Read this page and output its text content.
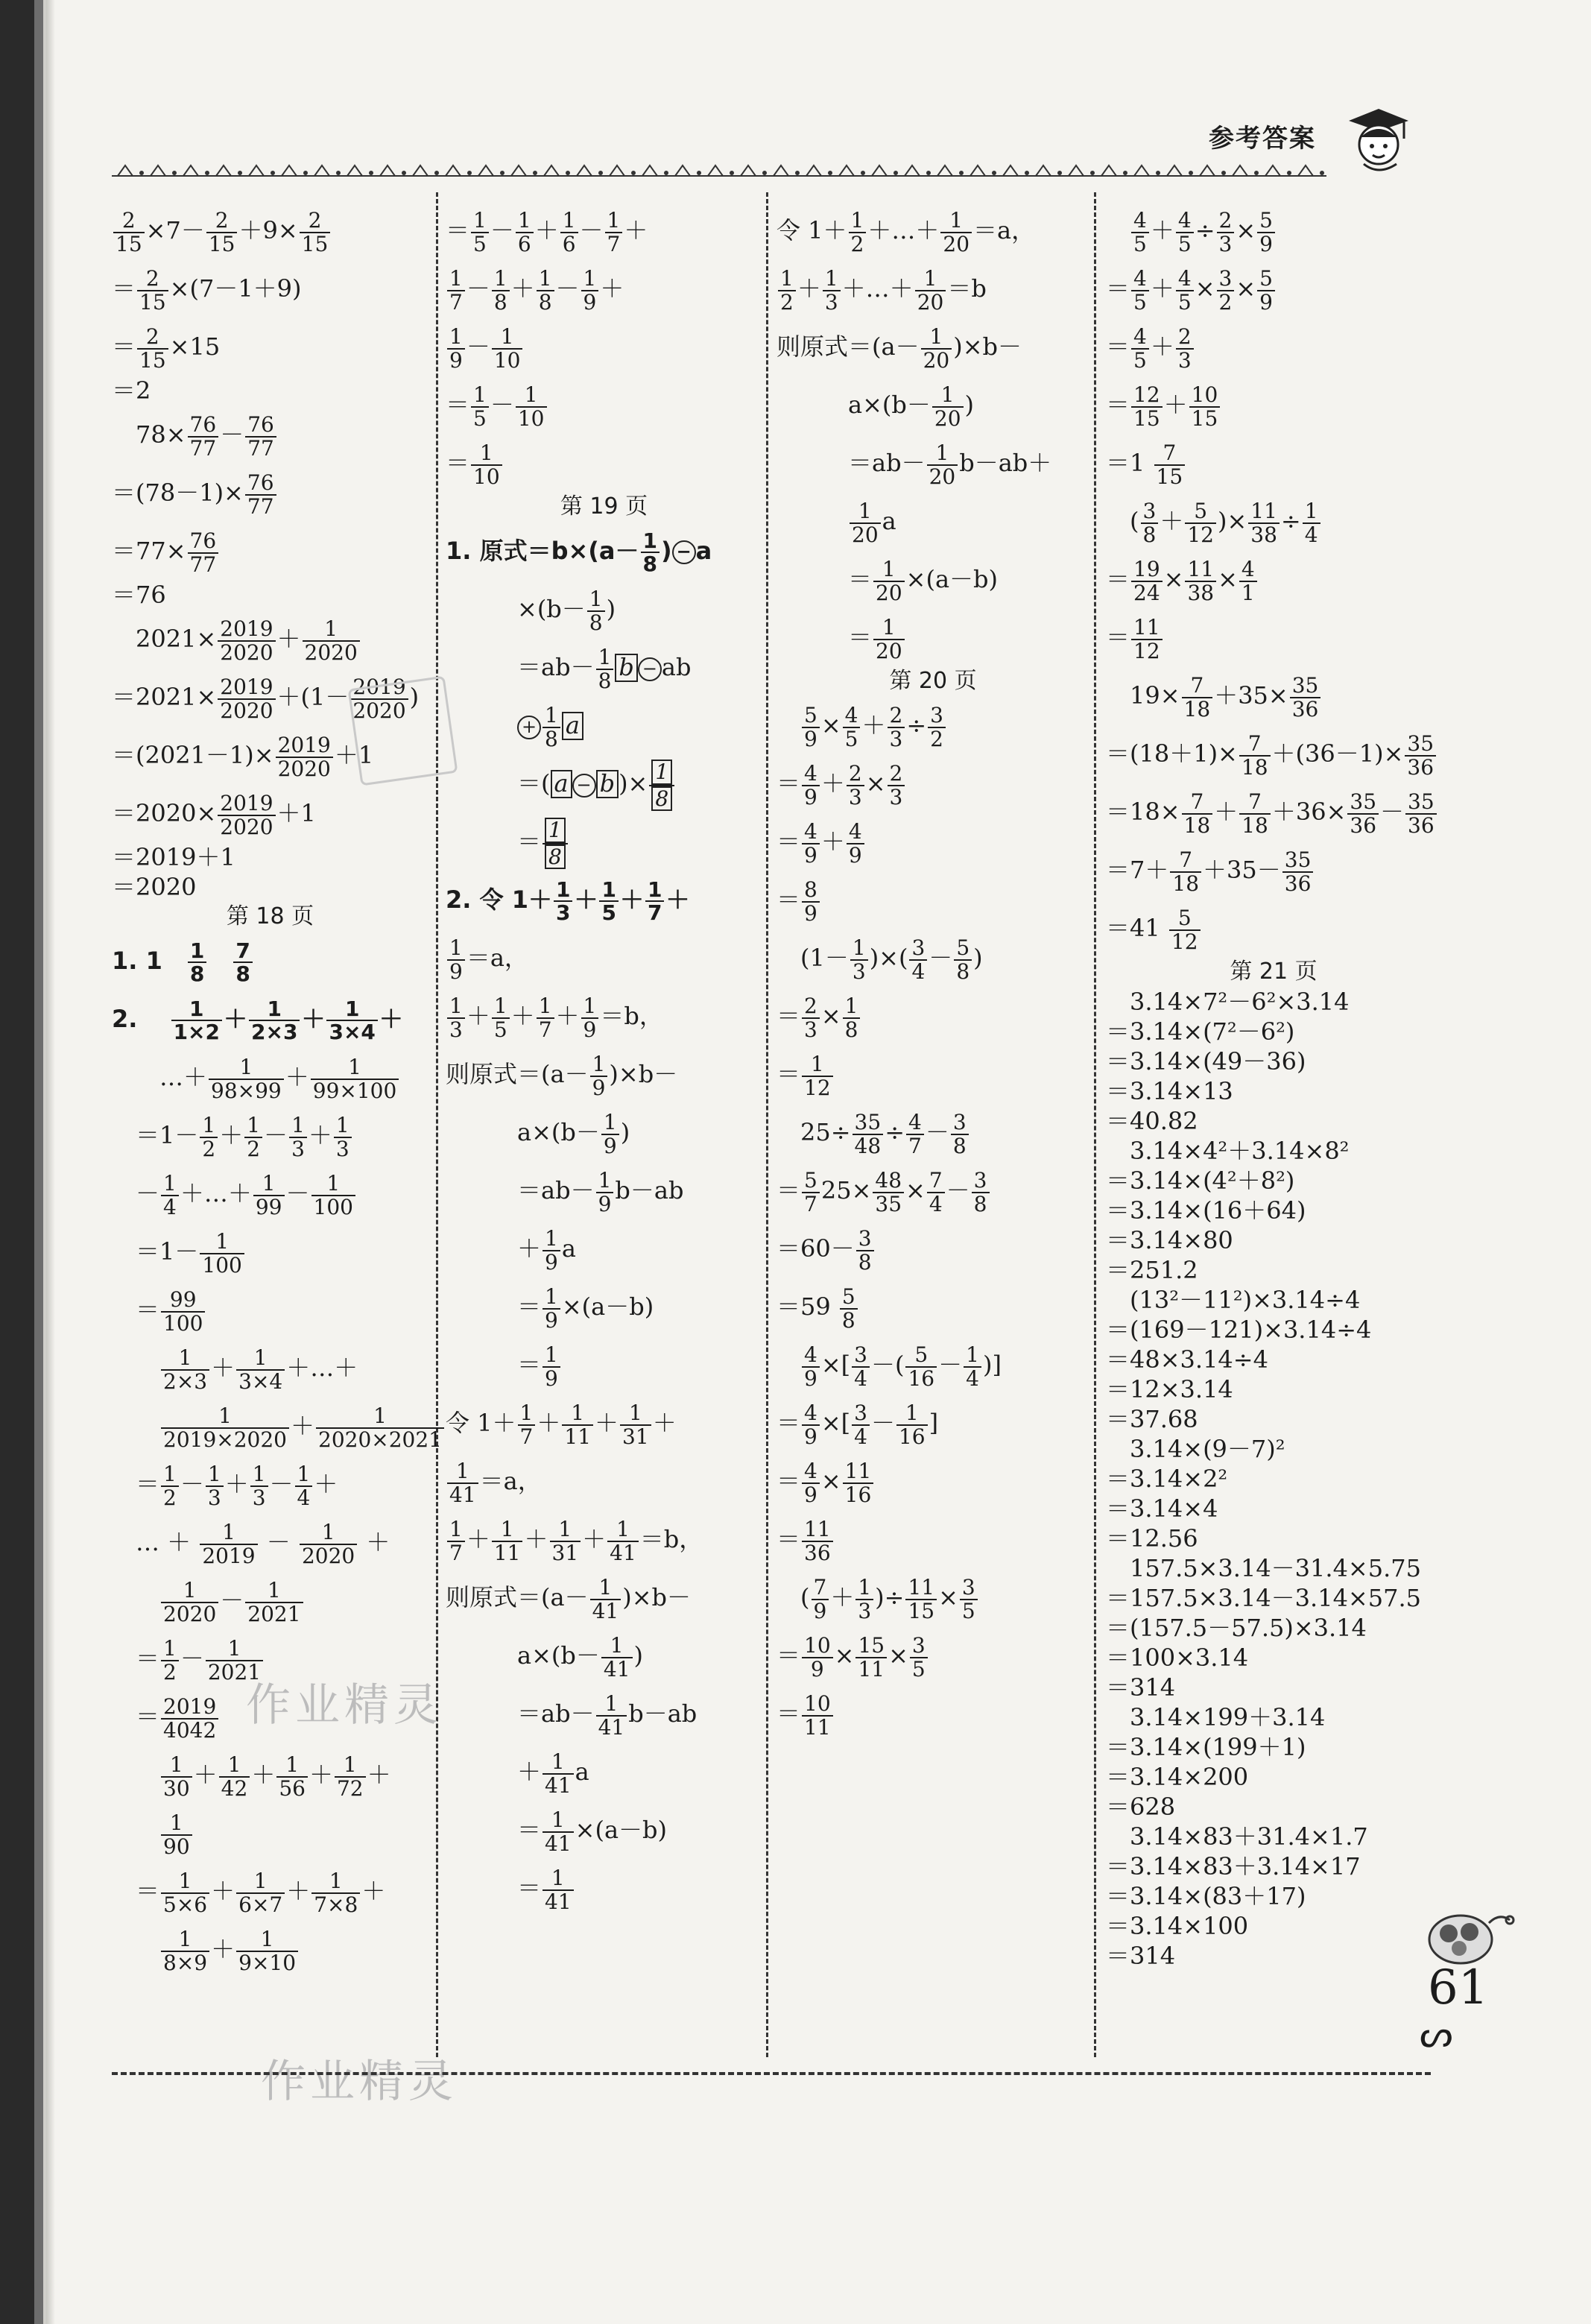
参考答案
$\frac{2}{15} \times 7- \frac{2}{15} +9\times \frac{2}{15}$
＝ $\frac{2}{15} \times(7-1+9)$
＝ $\frac{2}{15} \times 15$
＝2
　$78\times \frac{76}{77} - \frac{76}{77}$
$=(78-1)\times \frac{76}{77}$
$=77\times \frac{76}{77}$
＝76
　$2021\times \frac{2019}{2020} + \frac{1}{2020}$
$=2021\times \frac{2019}{2020} +(1- \frac{2019}{2020}$ )
$=(2021-1)\times \frac{2019}{2020} +1$
$=2020\times \frac{2019}{2020} +1$
＝2019＋1
＝2020
第 18 页
1. 1　 $\frac{1}{8}$
　 $\frac{7}{8}$
2. 　 $\frac{1}{1\times 2} + \frac{1}{2\times 3} + \frac{1}{3\times 4}$ ＋
　　…＋ $\frac{1}{98\times 99} + \frac{1}{99\times 100}$
　$=1- \frac{1}{2} + \frac{1}{2} - \frac{1}{3} + \frac{1}{3}$
　－ $\frac{1}{4}$ ＋…＋ $\frac{1}{99} - \frac{1}{100}$
　$=1- \frac{1}{100}$
　＝ $\frac{99}{100}$

$\frac{1}{2\times 3} + \frac{1}{3\times 4}$ ＋…＋

$\frac{1}{2019\times 2020} + \frac{1}{2020\times 2021}$
　＝ $\frac{1}{2} - \frac{1}{3} + \frac{1}{3} - \frac{1}{4}$ ＋
　… ＋ $\frac{1}{2019} - \frac{1}{2020}$ ＋

$\frac{1}{2020} - \frac{1}{2021}$
　＝ $\frac{1}{2} - \frac{1}{2021}$
　＝ $\frac{2019}{4042}$

$\frac{1}{30} + \frac{1}{42} + \frac{1}{56} + \frac{1}{72}$ ＋

$\frac{1}{90}$
　＝ $\frac{1}{5\times 6} + \frac{1}{6\times 7} + \frac{1}{7\times 8}$ ＋

$\frac{1}{8\times 9} + \frac{1}{9\times 10}$
＝ $\frac{1}{5} - \frac{1}{6} + \frac{1}{6} - \frac{1}{7}$ ＋
$\frac{1}{7} - \frac{1}{8} + \frac{1}{8} - \frac{1}{9}$ ＋
$\frac{1}{9} - \frac{1}{10}$
＝ $\frac{1}{5} - \frac{1}{10}$
＝ $\frac{1}{10}$
第 19 页
1. 原式$=b\times(a- \frac{1}{8}$ ) − a
　　　$\times(b- \frac{1}{8}$ )
　　　$=ab- \frac{1}{8}$ b − ab
　　　+ $\frac{1}{8}$ a
　　　＝( a − b )× $\frac{1}{8}$
　　　＝ $\frac{1}{8}$
2. 令 $1+ \frac{1}{3} + \frac{1}{5} + \frac{1}{7}$ ＋
$\frac{1}{9} =a$，
$\frac{1}{3} + \frac{1}{5} + \frac{1}{7} + \frac{1}{9} =b$，
则原式$=(a- \frac{1}{9} )\times b-$
　　　$a\times(b- \frac{1}{9}$ )
　　　$=ab- \frac{1}{9} b-ab$
　　　＋ $\frac{1}{9}$ a
　　　＝ $\frac{1}{9} \times(a-b)$
　　　＝ $\frac{1}{9}$
令 $1+ \frac{1}{7} + \frac{1}{11} + \frac{1}{31}$ ＋
$\frac{1}{41} =a$，
$\frac{1}{7} + \frac{1}{11} + \frac{1}{31} + \frac{1}{41} =b$，
则原式$=(a- \frac{1}{41} )\times b-$
　　　$a\times(b- \frac{1}{41}$ )
　　　$=ab- \frac{1}{41} b-ab$
　　　＋ $\frac{1}{41}$ a
　　　＝ $\frac{1}{41} \times(a-b)$
　　　＝ $\frac{1}{41}$
令 $1+ \frac{1}{2}$ ＋…＋ $\frac{1}{20} =a$，
$\frac{1}{2} + \frac{1}{3}$ ＋…＋ $\frac{1}{20} =b$
则原式$=(a- \frac{1}{20} )\times b-$
　　　$a\times(b- \frac{1}{20}$ )
　　　$=ab- \frac{1}{20} b-ab+$

$\frac{1}{20}$ a
　　　＝ $\frac{1}{20} \times(a-b)$
　　　＝ $\frac{1}{20}$
第 20 页

$\frac{5}{9} \times \frac{4}{5} + \frac{2}{3} \div \frac{3}{2}$
＝ $\frac{4}{9} + \frac{2}{3} \times \frac{2}{3}$
＝ $\frac{4}{9} + \frac{4}{9}$
＝ $\frac{8}{9}$
　($1- \frac{1}{3}$ )×( $\frac{3}{4} - \frac{5}{8}$ )
＝ $\frac{2}{3} \times \frac{1}{8}$
＝ $\frac{1}{12}$
　$25\div \frac{35}{48} \div \frac{4}{7} - \frac{3}{8}$
＝ $\frac{5}{7} 25\times \frac{48}{35} \times \frac{7}{4} - \frac{3}{8}$
$=60- \frac{3}{8}$
$=59 \frac{5}{8}$

$\frac{4}{9}$ ×[ $\frac{3}{4}$ －( $\frac{5}{16} - \frac{1}{4}$ )]
＝ $\frac{4}{9}$ ×[ $\frac{3}{4} - \frac{1}{16}$ ]
＝ $\frac{4}{9} \times \frac{11}{16}$
＝ $\frac{11}{36}$
　( $\frac{7}{9} + \frac{1}{3}$ )÷ $\frac{11}{15} \times \frac{3}{5}$
＝ $\frac{10}{9} \times \frac{15}{11} \times \frac{3}{5}$
＝ $\frac{10}{11}$

$\frac{4}{5} + \frac{4}{5} \div \frac{2}{3} \times \frac{5}{9}$
＝ $\frac{4}{5} + \frac{4}{5} \times \frac{3}{2} \times \frac{5}{9}$
＝ $\frac{4}{5} + \frac{2}{3}$
＝ $\frac{12}{15} + \frac{10}{15}$
$=1 \frac{7}{15}$
　( $\frac{3}{8} + \frac{5}{12}$ )× $\frac{11}{38} \div \frac{1}{4}$
＝ $\frac{19}{24} \times \frac{11}{38} \times \frac{4}{1}$
＝ $\frac{11}{12}$
　$19\times \frac{7}{18} +35\times \frac{35}{36}$
$=(18+1)\times \frac{7}{18} +(36-1)\times \frac{35}{36}$
$=18\times \frac{7}{18} + \frac{7}{18} +36\times \frac{35}{36} - \frac{35}{36}$
$=7+ \frac{7}{18} +35- \frac{35}{36}$
$=41 \frac{5}{12}$
第 21 页
　3.14×7²－6²×3.14
＝3.14×(7²－6²)
＝3.14×(49－36)
＝3.14×13
＝40.82
　3.14×4²＋3.14×8²
＝3.14×(4²＋8²)
＝3.14×(16＋64)
＝3.14×80
＝251.2
　(13²－11²)×3.14÷4
＝(169－121)×3.14÷4
＝48×3.14÷4
＝12×3.14
＝37.68
　3.14×(9－7)²
＝3.14×2²
＝3.14×4
＝12.56
　157.5×3.14－31.4×5.75
＝157.5×3.14－3.14×57.5
＝(157.5－57.5)×3.14
＝100×3.14
＝314
　3.14×199＋3.14
＝3.14×(199＋1)
＝3.14×200
＝628
　3.14×83＋31.4×1.7
＝3.14×83＋3.14×17
＝3.14×(83＋17)
＝3.14×100
＝314
作业精灵
作业精灵
61
ᔕ
